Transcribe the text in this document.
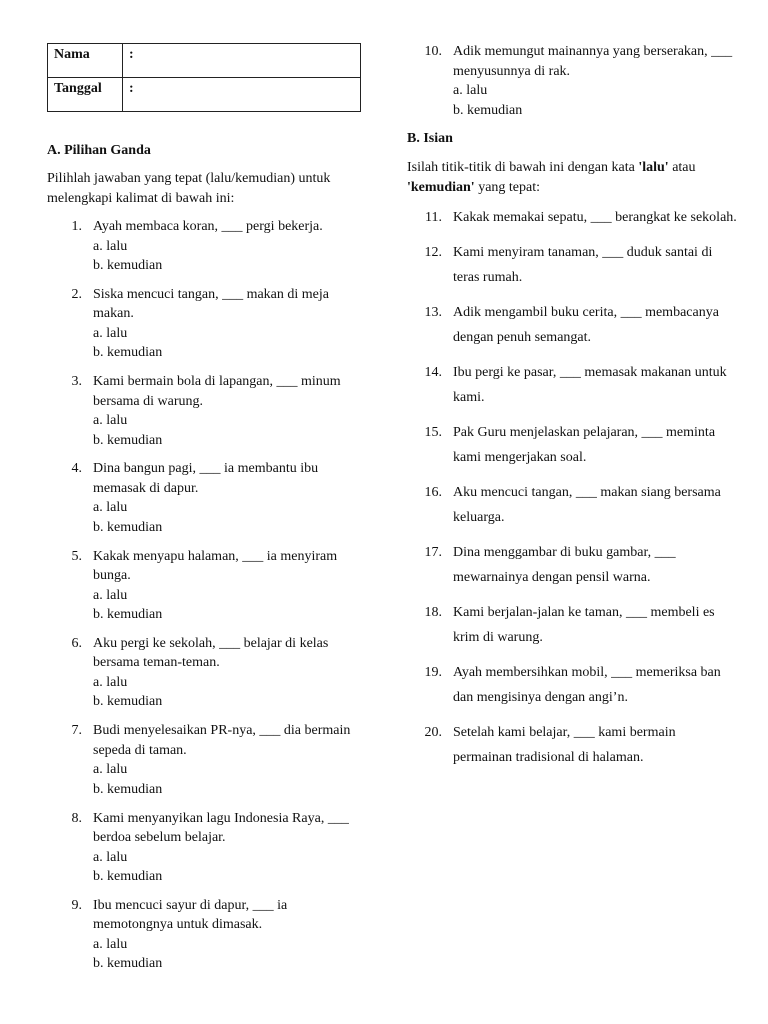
Nama	:
Tanggal	:

A. Pilihan Ganda

Pilihlah jawaban yang tepat (lalu/kemudian) untuk melengkapi kalimat di bawah ini:

1. Ayah membaca koran, ___ pergi bekerja.
a. lalu
b. kemudian
2. Siska mencuci tangan, ___ makan di meja makan.
a. lalu
b. kemudian
3. Kami bermain bola di lapangan, ___ minum bersama di warung.
a. lalu
b. kemudian
4. Dina bangun pagi, ___ ia membantu ibu memasak di dapur.
a. lalu
b. kemudian
5. Kakak menyapu halaman, ___ ia menyiram bunga.
a. lalu
b. kemudian
6. Aku pergi ke sekolah, ___ belajar di kelas bersama teman-teman.
a. lalu
b. kemudian
7. Budi menyelesaikan PR-nya, ___ dia bermain sepeda di taman.
a. lalu
b. kemudian
8. Kami menyanyikan lagu Indonesia Raya, ___ berdoa sebelum belajar.
a. lalu
b. kemudian
9. Ibu mencuci sayur di dapur, ___ ia memotongnya untuk dimasak.
a. lalu
b. kemudian
10. Adik memungut mainannya yang berserakan, ___ menyusunnya di rak.
a. lalu
b. kemudian

B. Isian

Isilah titik-titik di bawah ini dengan kata 'lalu' atau 'kemudian' yang tepat:

11. Kakak memakai sepatu, ___ berangkat ke sekolah.
12. Kami menyiram tanaman, ___ duduk santai di teras rumah.
13. Adik mengambil buku cerita, ___ membacanya dengan penuh semangat.
14. Ibu pergi ke pasar, ___ memasak makanan untuk kami.
15. Pak Guru menjelaskan pelajaran, ___ meminta kami mengerjakan soal.
16. Aku mencuci tangan, ___ makan siang bersama keluarga.
17. Dina menggambar di buku gambar, ___ mewarnainya dengan pensil warna.
18. Kami berjalan-jalan ke taman, ___ membeli es krim di warung.
19. Ayah membersihkan mobil, ___ memeriksa ban dan mengisinya dengan angi’n.
20. Setelah kami belajar, ___ kami bermain permainan tradisional di halaman.
